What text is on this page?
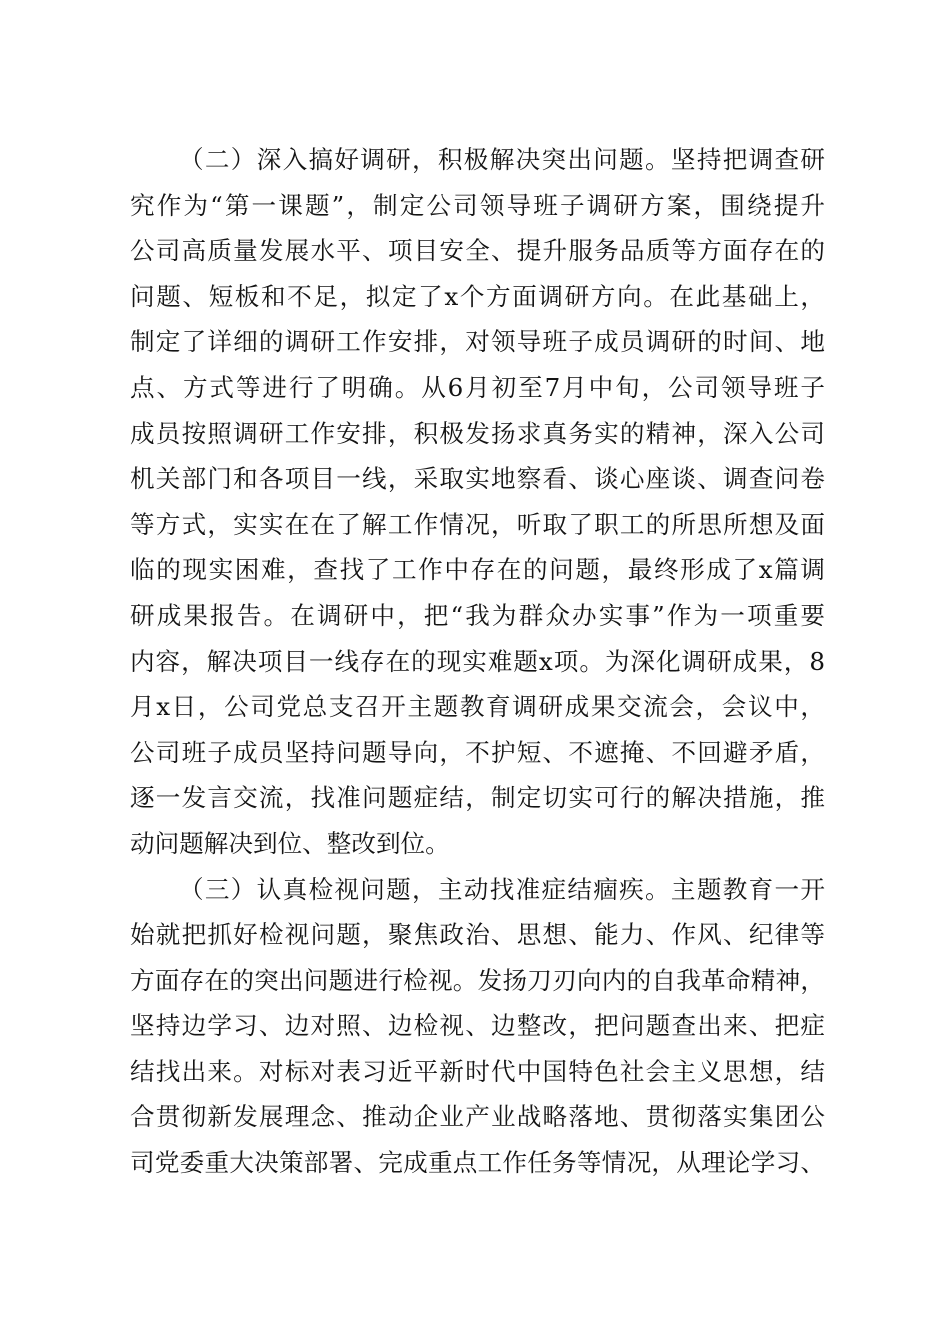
（二）深入搞好调研，积极解决突出问题。坚持把调查研
究作为“第一课题”，制定公司领导班子调研方案，围绕提升
公司高质量发展水平、项目安全、提升服务品质等方面存在的
问题、短板和不足，拟定了x个方面调研方向。在此基础上，
制定了详细的调研工作安排，对领导班子成员调研的时间、地
点、方式等进行了明确。从6月初至7月中旬，公司领导班子
成员按照调研工作安排，积极发扬求真务实的精神，深入公司
机关部门和各项目一线，采取实地察看、谈心座谈、调查问卷
等方式，实实在在了解工作情况，听取了职工的所思所想及面
临的现实困难，查找了工作中存在的问题，最终形成了x篇调
研成果报告。在调研中，把“我为群众办实事”作为一项重要
内容，解决项目一线存在的现实难题x项。为深化调研成果，8
月x日，公司党总支召开主题教育调研成果交流会，会议中，
公司班子成员坚持问题导向，不护短、不遮掩、不回避矛盾，
逐一发言交流，找准问题症结，制定切实可行的解决措施，推
动问题解决到位、整改到位。
（三）认真检视问题，主动找准症结痼疾。主题教育一开
始就把抓好检视问题，聚焦政治、思想、能力、作风、纪律等
方面存在的突出问题进行检视。发扬刀刃向内的自我革命精神，
坚持边学习、边对照、边检视、边整改，把问题查出来、把症
结找出来。对标对表习近平新时代中国特色社会主义思想，结
合贯彻新发展理念、推动企业产业战略落地、贯彻落实集团公
司党委重大决策部署、完成重点工作任务等情况，从理论学习、
